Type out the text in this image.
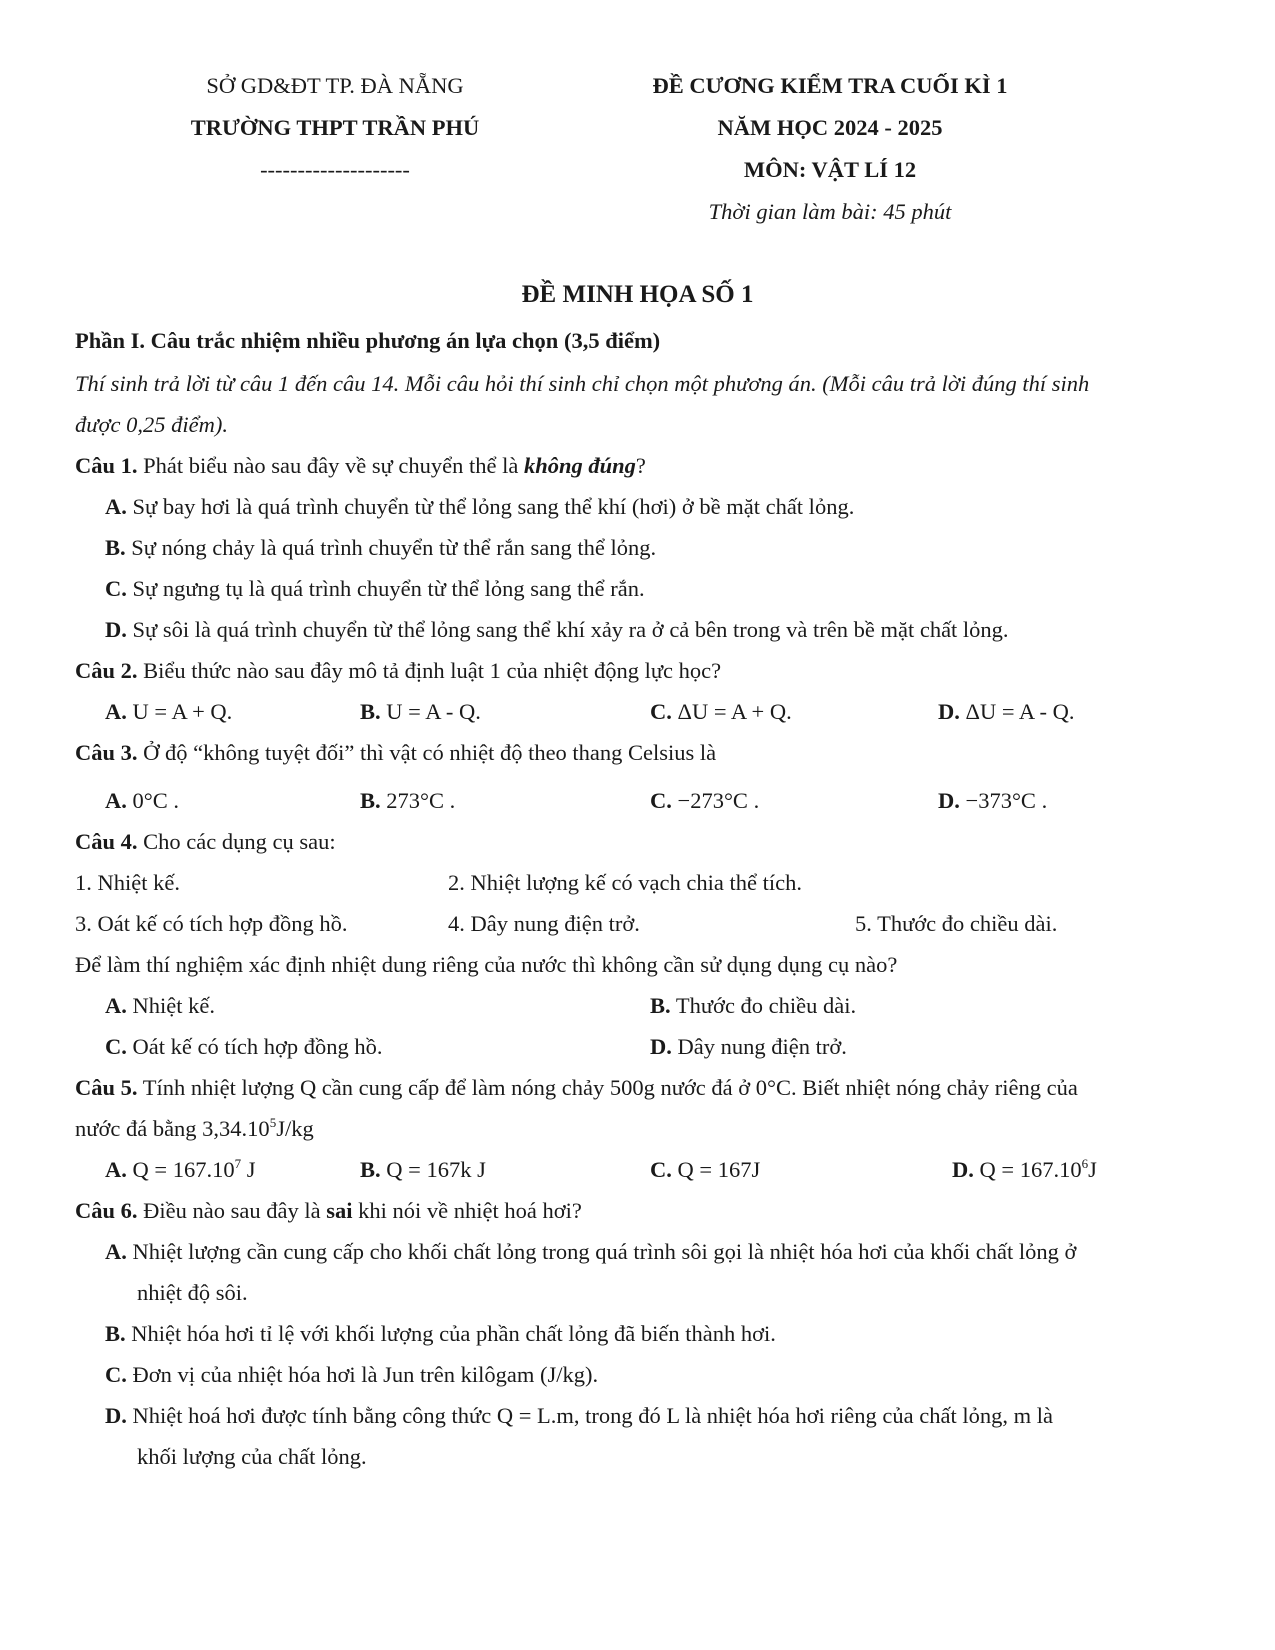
SỞ GD&ĐT TP. ĐÀ NẴNG
TRƯỜNG THPT TRẦN PHÚ
--------------------
ĐỀ CƯƠNG KIỂM TRA CUỐI KÌ 1
NĂM HỌC 2024 - 2025
MÔN: VẬT LÍ 12
Thời gian làm bài: 45 phút
ĐỀ MINH HỌA SỐ 1
Phần I. Câu trắc nhiệm nhiều phương án lựa chọn (3,5 điểm)
Thí sinh trả lời từ câu 1 đến câu 14. Mỗi câu hỏi thí sinh chỉ chọn một phương án. (Mỗi câu trả lời đúng thí sinh
được 0,25 điểm).
Câu 1. Phát biểu nào sau đây về sự chuyển thể là không đúng?
A. Sự bay hơi là quá trình chuyển từ thể lỏng sang thể khí (hơi) ở bề mặt chất lỏng.
B. Sự nóng chảy là quá trình chuyển từ thể rắn sang thể lỏng.
C. Sự ngưng tụ là quá trình chuyển từ thể lỏng sang thể rắn.
D. Sự sôi là quá trình chuyển từ thể lỏng sang thể khí xảy ra ở cả bên trong và trên bề mặt chất lỏng.
Câu 2. Biểu thức nào sau đây mô tả định luật 1 của nhiệt động lực học?
A. U = A + Q.	B. U = A - Q.	C. ΔU = A + Q.	D. ΔU = A - Q.
Câu 3. Ở độ “không tuyệt đối” thì vật có nhiệt độ theo thang Celsius là
A. 0°C .	B. 273°C .	C. −273°C .	D. −373°C .
Câu 4. Cho các dụng cụ sau:
1. Nhiệt kế.	2. Nhiệt lượng kế có vạch chia thể tích.
3. Oát kế có tích hợp đồng hồ.	4. Dây nung điện trở.	5. Thước đo chiều dài.
Để làm thí nghiệm xác định nhiệt dung riêng của nước thì không cần sử dụng dụng cụ nào?
A. Nhiệt kế.	B. Thước đo chiều dài.
C. Oát kế có tích hợp đồng hồ.	D. Dây nung điện trở.
Câu 5. Tính nhiệt lượng Q cần cung cấp để làm nóng chảy 500g nước đá ở 0°C. Biết nhiệt nóng chảy riêng của
nước đá bằng 3,34.10$^5$J/kg
A. $Q = 167.10^7$ J	B. Q = 167k J	C. Q = 167J	D. $Q = 167.10^6J$
Câu 6. Điều nào sau đây là sai khi nói về nhiệt hoá hơi?
A. Nhiệt lượng cần cung cấp cho khối chất lỏng trong quá trình sôi gọi là nhiệt hóa hơi của khối chất lỏng ở
nhiệt độ sôi.
B. Nhiệt hóa hơi tỉ lệ với khối lượng của phần chất lỏng đã biến thành hơi.
C. Đơn vị của nhiệt hóa hơi là Jun trên kilôgam (J/kg).
D. Nhiệt hoá hơi được tính bằng công thức Q = L.m, trong đó L là nhiệt hóa hơi riêng của chất lỏng, m là
khối lượng của chất lỏng.
